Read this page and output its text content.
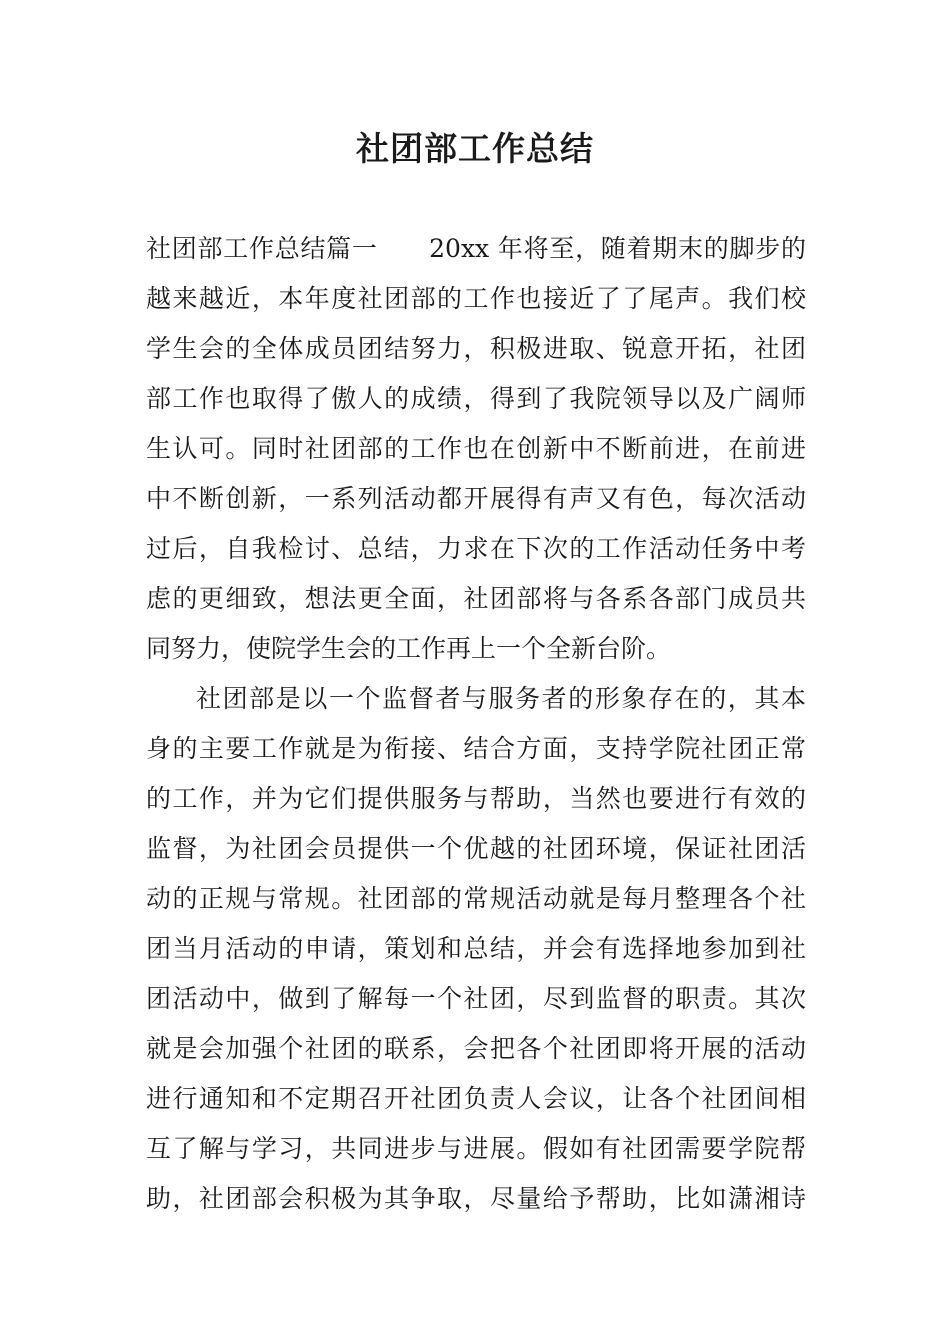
社团部工作总结
社团部工作总结篇一　　20xx 年将至，随着期末的脚步的
越来越近，本年度社团部的工作也接近了了尾声。我们校
学生会的全体成员团结努力，积极进取、锐意开拓，社团
部工作也取得了傲人的成绩，得到了我院领导以及广阔师
生认可。同时社团部的工作也在创新中不断前进，在前进
中不断创新，一系列活动都开展得有声又有色，每次活动
过后，自我检讨、总结，力求在下次的工作活动任务中考
虑的更细致，想法更全面，社团部将与各系各部门成员共
同努力，使院学生会的工作再上一个全新台阶。
社团部是以一个监督者与服务者的形象存在的，其本
身的主要工作就是为衔接、结合方面，支持学院社团正常
的工作，并为它们提供服务与帮助，当然也要进行有效的
监督，为社团会员提供一个优越的社团环境，保证社团活
动的正规与常规。社团部的常规活动就是每月整理各个社
团当月活动的申请，策划和总结，并会有选择地参加到社
团活动中，做到了解每一个社团，尽到监督的职责。其次
就是会加强个社团的联系，会把各个社团即将开展的活动
进行通知和不定期召开社团负责人会议，让各个社团间相
互了解与学习，共同进步与进展。假如有社团需要学院帮
助，社团部会积极为其争取，尽量给予帮助，比如潇湘诗
